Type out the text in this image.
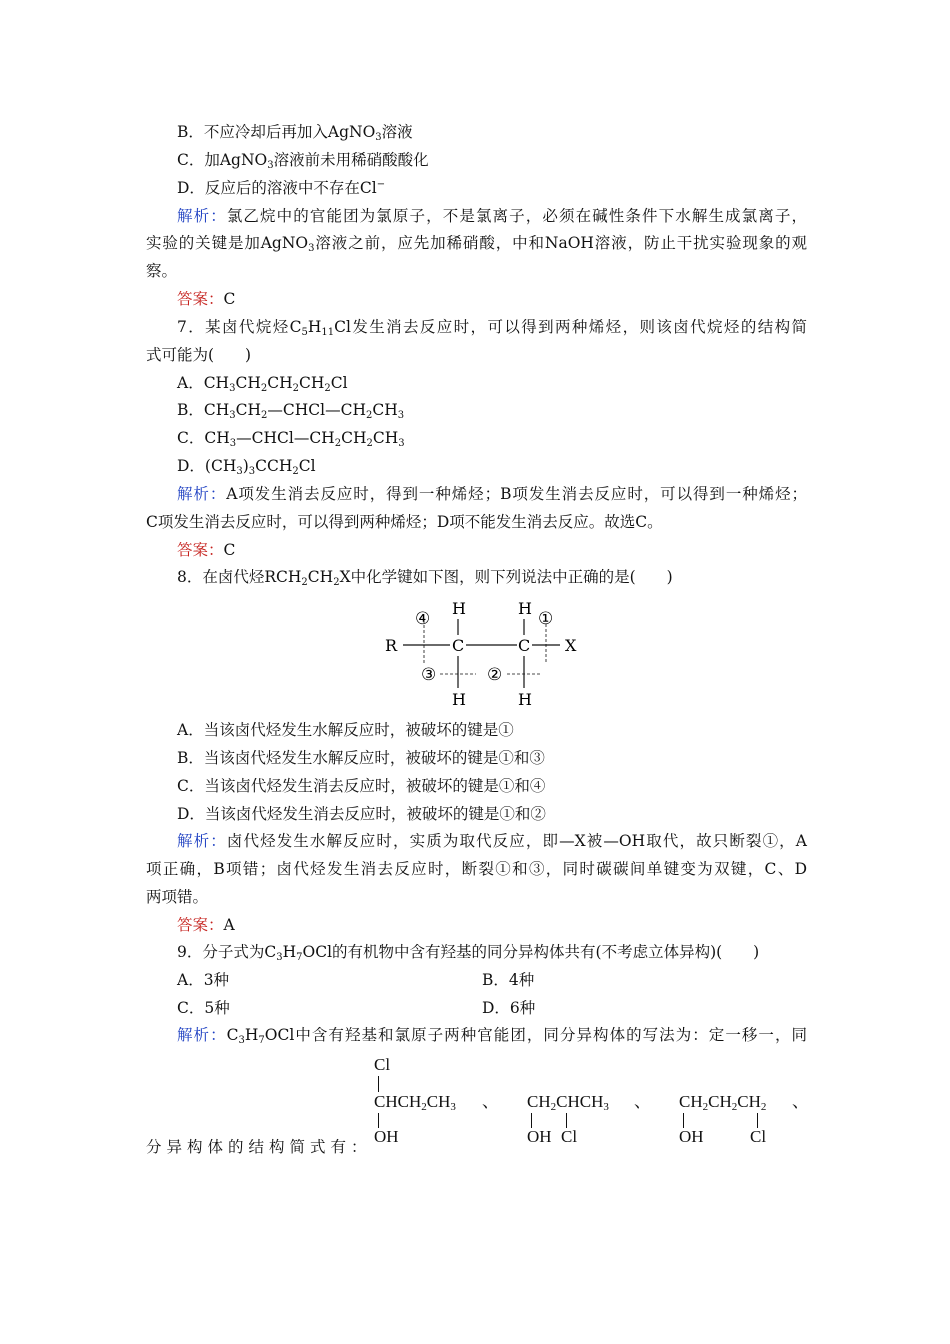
B．不应冷却后再加入AgNO$_3$溶液
C．加AgNO$_3$溶液前未用稀硝酸酸化
D．反应后的溶液中不存在Cl−
解析：氯乙烷中的官能团为氯原子，不是氯离子，必须在碱性条件下水解生成氯离子，
实验的关键是加AgNO$_3$溶液之前，应先加稀硝酸，中和NaOH溶液，防止干扰实验现象的观
察。
答案：C
7．某卤代烷烃$C_5H_{11}Cl$发生消去反应时，可以得到两种烯烃，则该卤代烷烃的结构简
式可能为(　　)
A．$CH_3CH_2CH_2CH_2Cl$
B．$CH_3CH_2—CHCl—CH_2CH_3$
C．$CH_3—CHCl—CH_2CH_2CH_3$
D．$(CH_3)_3CCH_2Cl$
解析：A项发生消去反应时，得到一种烯烃；B项发生消去反应时，可以得到一种烯烃；
C项发生消去反应时，可以得到两种烯烃；D项不能发生消去反应。故选C。
答案：C
8．在卤代烃$RCH_2CH_2X$中化学键如下图，则下列说法中正确的是(　　)
R	C	C X
H	H
H	H
④	①
③	②
A．当该卤代烃发生水解反应时，被破坏的键是①
B．当该卤代烃发生水解反应时，被破坏的键是①和③
C．当该卤代烃发生消去反应时，被破坏的键是①和④
D．当该卤代烃发生消去反应时，被破坏的键是①和②
解析：卤代烃发生水解反应时，实质为取代反应，即—X被—OH取代，故只断裂①，A
项正确，B项错；卤代烃发生消去反应时，断裂①和③，同时碳碳间单键变为双键，C、D
两项错。
答案：A
9．分子式为$C_3H_7OCl$的有机物中含有羟基的同分异构体共有(不考虑立体异构)(　　)
A．3种	B．4种
C．5种	D．6种
解析：$C_3H_7OCl$中含有羟基和氯原子两种官能团，同分异构体的写法为：定一移一，同
Cl
$CHCH_2CH_3$
OH
、 $CH_2CHCH_3$
OH Cl
、 $CH_2CH_2CH_2$
OH	Cl
、
分异构体的结构简式有：
